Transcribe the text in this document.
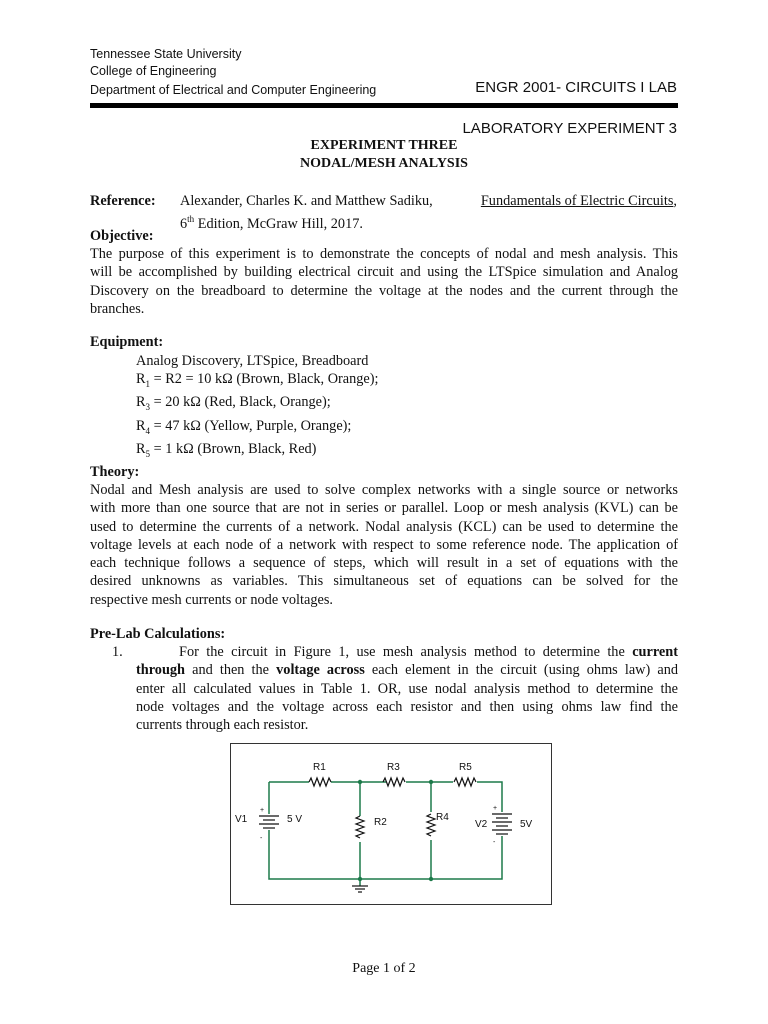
Tennessee State University
College of Engineering
Department of Electrical and Computer Engineering	ENGR 2001- CIRCUITS I LAB
LABORATORY EXPERIMENT 3
EXPERIMENT THREE
NODAL/MESH ANALYSIS
Reference: Alexander, Charles K. and Matthew Sadiku,	Fundamentals of Electric Circuits,
6th Edition, McGraw Hill, 2017.
Objective:
The purpose of this experiment is to demonstrate the concepts of nodal and mesh analysis. This
will be accomplished by building electrical circuit and using the LTSpice simulation and Analog
Discovery on the breadboard to determine the voltage at the nodes and the current through the
branches.
Equipment:
Analog Discovery, LTSpice, Breadboard
$R_1 = R2 = 10$ kΩ (Brown, Black, Orange);
$R_3 = 20$ kΩ (Red, Black, Orange);
$R_4 = 47$ kΩ (Yellow, Purple, Orange);
$R_5 = 1$ kΩ (Brown, Black, Red)
Theory:
Nodal and Mesh analysis are used to solve complex networks with a single source or networks
with more than one source that are not in series or parallel. Loop or mesh analysis (KVL) can be
used to determine the currents of a network. Nodal analysis (KCL) can be used to determine the
voltage levels at each node of a network with respect to some reference node. The application of
each technique follows a sequence of steps, which will result in a set of equations with the
desired unknowns as variables. This simultaneous set of equations can be solved for the
respective mesh currents or node voltages.
Pre-Lab Calculations:
1.	For the circuit in Figure 1, use mesh analysis method to determine the current
through and then the voltage across each element in the circuit (using ohms law) and
enter all calculated values in Table 1. OR, use nodal analysis method to determine the
node voltages and the voltage across each resistor and then using ohms law find the
currents through each resistor.
R1	R3	R5
R2	R4
V1	5 V	V2	5V
+
-
+
-
Page 1 of 2
